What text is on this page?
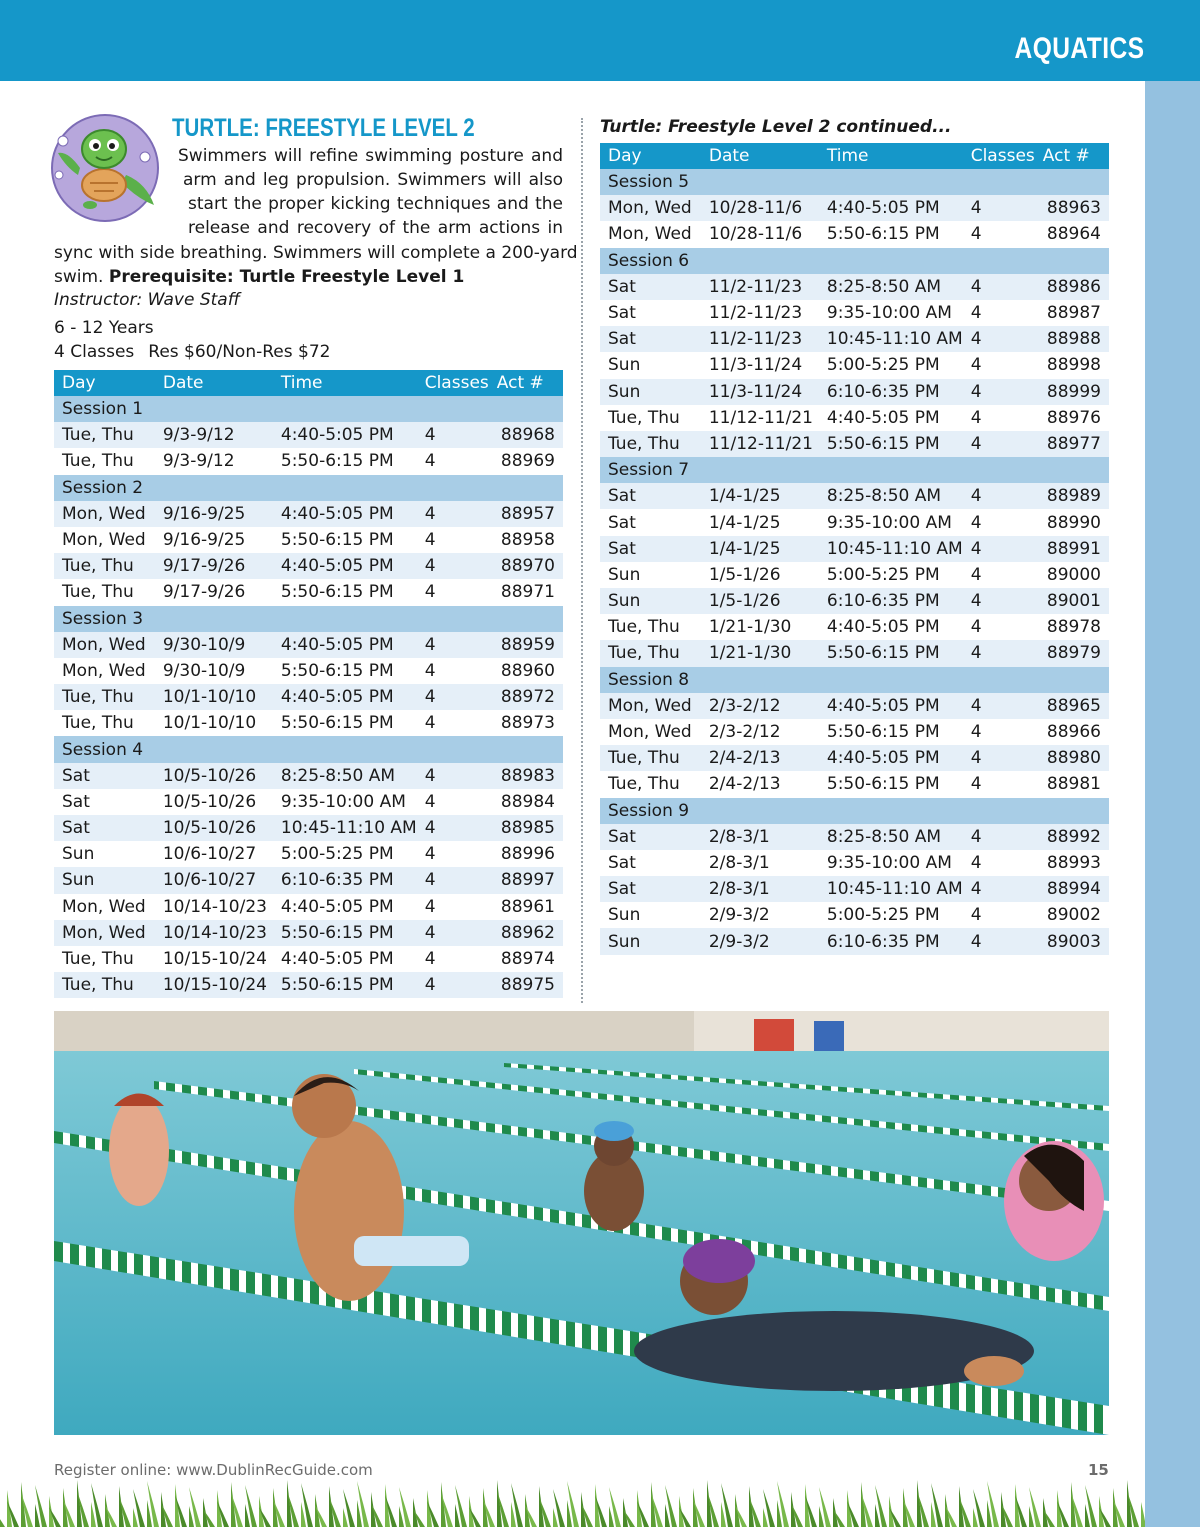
AQUATICS
TURTLE: FREESTYLE LEVEL 2
Swimmers will refine swimming posture and
arm and leg propulsion. Swimmers will also
start the proper kicking techniques and the
release and recovery of the arm actions in
sync with side breathing. Swimmers will complete a 200-yard
swim. Prerequisite: Turtle Freestyle Level 1
Instructor: Wave Staff
6 - 12 Years
4 Classes Res $60/Non-Res $72
Turtle: Freestyle Level 2 continued...
Day	Date	Time	Classes	Act #
Session 1				
Tue, Thu	9/3-9/12	4:40-5:05 PM	4	88968
Tue, Thu	9/3-9/12	5:50-6:15 PM	4	88969
Session 2				
Mon, Wed	9/16-9/25	4:40-5:05 PM	4	88957
Mon, Wed	9/16-9/25	5:50-6:15 PM	4	88958
Tue, Thu	9/17-9/26	4:40-5:05 PM	4	88970
Tue, Thu	9/17-9/26	5:50-6:15 PM	4	88971
Session 3				
Mon, Wed	9/30-10/9	4:40-5:05 PM	4	88959
Mon, Wed	9/30-10/9	5:50-6:15 PM	4	88960
Tue, Thu	10/1-10/10	4:40-5:05 PM	4	88972
Tue, Thu	10/1-10/10	5:50-6:15 PM	4	88973
Session 4				
Sat	10/5-10/26	8:25-8:50 AM	4	88983
Sat	10/5-10/26	9:35-10:00 AM	4	88984
Sat	10/5-10/26	10:45-11:10 AM	4	88985
Sun	10/6-10/27	5:00-5:25 PM	4	88996
Sun	10/6-10/27	6:10-6:35 PM	4	88997
Mon, Wed	10/14-10/23	4:40-5:05 PM	4	88961
Mon, Wed	10/14-10/23	5:50-6:15 PM	4	88962
Tue, Thu	10/15-10/24	4:40-5:05 PM	4	88974
Tue, Thu	10/15-10/24	5:50-6:15 PM	4	88975
Day	Date	Time	Classes	Act #
Session 5				
Mon, Wed	10/28-11/6	4:40-5:05 PM	4	88963
Mon, Wed	10/28-11/6	5:50-6:15 PM	4	88964
Session 6				
Sat	11/2-11/23	8:25-8:50 AM	4	88986
Sat	11/2-11/23	9:35-10:00 AM	4	88987
Sat	11/2-11/23	10:45-11:10 AM	4	88988
Sun	11/3-11/24	5:00-5:25 PM	4	88998
Sun	11/3-11/24	6:10-6:35 PM	4	88999
Tue, Thu	11/12-11/21	4:40-5:05 PM	4	88976
Tue, Thu	11/12-11/21	5:50-6:15 PM	4	88977
Session 7				
Sat	1/4-1/25	8:25-8:50 AM	4	88989
Sat	1/4-1/25	9:35-10:00 AM	4	88990
Sat	1/4-1/25	10:45-11:10 AM	4	88991
Sun	1/5-1/26	5:00-5:25 PM	4	89000
Sun	1/5-1/26	6:10-6:35 PM	4	89001
Tue, Thu	1/21-1/30	4:40-5:05 PM	4	88978
Tue, Thu	1/21-1/30	5:50-6:15 PM	4	88979
Session 8				
Mon, Wed	2/3-2/12	4:40-5:05 PM	4	88965
Mon, Wed	2/3-2/12	5:50-6:15 PM	4	88966
Tue, Thu	2/4-2/13	4:40-5:05 PM	4	88980
Tue, Thu	2/4-2/13	5:50-6:15 PM	4	88981
Session 9				
Sat	2/8-3/1	8:25-8:50 AM	4	88992
Sat	2/8-3/1	9:35-10:00 AM	4	88993
Sat	2/8-3/1	10:45-11:10 AM	4	88994
Sun	2/9-3/2	5:00-5:25 PM	4	89002
Sun	2/9-3/2	6:10-6:35 PM	4	89003
Register online: www.DublinRecGuide.com	15
